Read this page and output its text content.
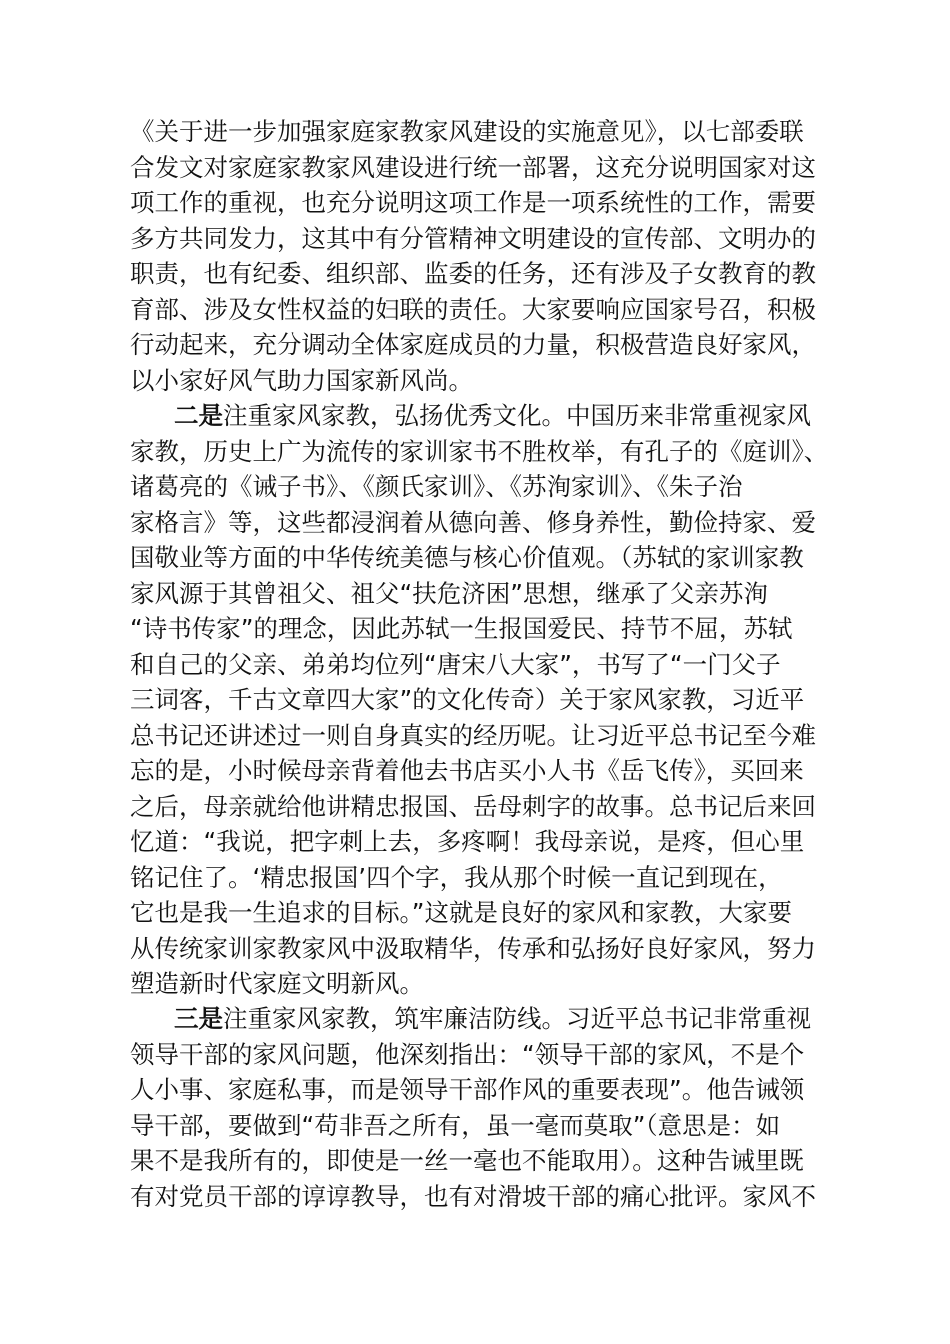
《关于进一步加强家庭家教家风建设的实施意见》，以七部委联
合发文对家庭家教家风建设进行统一部署，这充分说明国家对这
项工作的重视，也充分说明这项工作是一项系统性的工作，需要
多方共同发力，这其中有分管精神文明建设的宣传部、文明办的
职责，也有纪委、组织部、监委的任务，还有涉及子女教育的教
育部、涉及女性权益的妇联的责任。大家要响应国家号召，积极
行动起来，充分调动全体家庭成员的力量，积极营造良好家风，
以小家好风气助力国家新风尚。
二是注重家风家教，弘扬优秀文化。中国历来非常重视家风
家教，历史上广为流传的家训家书不胜枚举，有孔子的《庭训》、
诸葛亮的《诫子书》、《颜氏家训》、《苏洵家训》、《朱子治
家格言》等，这些都浸润着从德向善、修身养性，勤俭持家、爱
国敬业等方面的中华传统美德与核心价值观。（苏轼的家训家教
家风源于其曾祖父、祖父“扶危济困”思想，继承了父亲苏洵
“诗书传家”的理念，因此苏轼一生报国爱民、持节不屈，苏轼
和自己的父亲、弟弟均位列“唐宋八大家”，书写了“一门父子
三词客，千古文章四大家”的文化传奇）关于家风家教，习近平
总书记还讲述过一则自身真实的经历呢。让习近平总书记至今难
忘的是，小时候母亲背着他去书店买小人书《岳飞传》，买回来
之后，母亲就给他讲精忠报国、岳母刺字的故事。总书记后来回
忆道：“我说，把字刺上去，多疼啊！我母亲说，是疼，但心里
铭记住了。‘精忠报国’四个字，我从那个时候一直记到现在，
它也是我一生追求的目标。”这就是良好的家风和家教，大家要
从传统家训家教家风中汲取精华，传承和弘扬好良好家风，努力
塑造新时代家庭文明新风。
三是注重家风家教，筑牢廉洁防线。习近平总书记非常重视
领导干部的家风问题，他深刻指出：“领导干部的家风，不是个
人小事、家庭私事，而是领导干部作风的重要表现”。他告诫领
导干部，要做到“苟非吾之所有，虽一毫而莫取”（意思是：如
果不是我所有的，即使是一丝一毫也不能取用）。这种告诫里既
有对党员干部的谆谆教导，也有对滑坡干部的痛心批评。家风不
